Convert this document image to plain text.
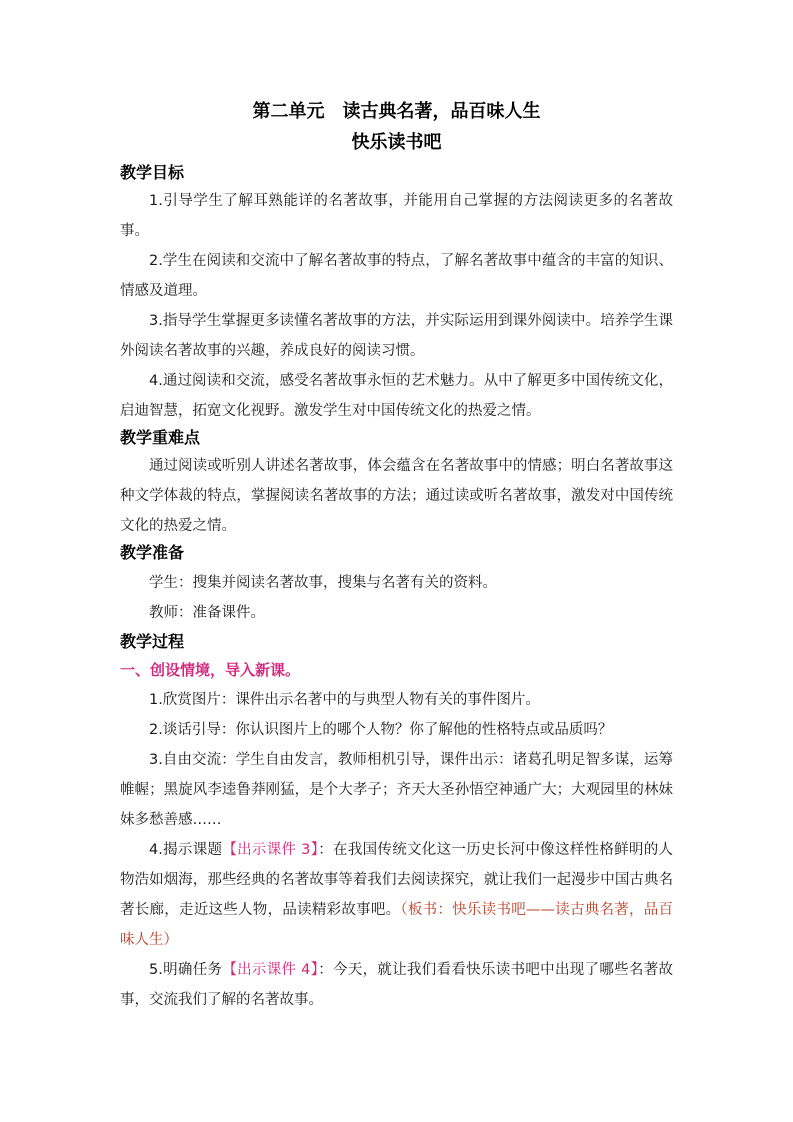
第二单元　读古典名著，品百味人生
快乐读书吧
教学目标

1.引导学生了解耳熟能详的名著故事，并能用自己掌握的方法阅读更多的名著故事。

2.学生在阅读和交流中了解名著故事的特点，了解名著故事中蕴含的丰富的知识、情感及道理。

3.指导学生掌握更多读懂名著故事的方法，并实际运用到课外阅读中。培养学生课外阅读名著故事的兴趣，养成良好的阅读习惯。

4.通过阅读和交流，感受名著故事永恒的艺术魅力。从中了解更多中国传统文化，启迪智慧，拓宽文化视野。激发学生对中国传统文化的热爱之情。

教学重难点

通过阅读或听别人讲述名著故事，体会蕴含在名著故事中的情感；明白名著故事这种文学体裁的特点，掌握阅读名著故事的方法；通过读或听名著故事，激发对中国传统文化的热爱之情。

教学准备

学生：搜集并阅读名著故事，搜集与名著有关的资料。

教师：准备课件。

教学过程
一、创设情境，导入新课。

1.欣赏图片：课件出示名著中的与典型人物有关的事件图片。

2.谈话引导：你认识图片上的哪个人物？你了解他的性格特点或品质吗？

3.自由交流：学生自由发言，教师相机引导，课件出示：诸葛孔明足智多谋，运筹帷幄；黑旋风李逵鲁莽刚猛，是个大孝子；齐天大圣孙悟空神通广大；大观园里的林妹妹多愁善感……

4.揭示课题【出示课件 3】：在我国传统文化这一历史长河中像这样性格鲜明的人物浩如烟海，那些经典的名著故事等着我们去阅读探究，就让我们一起漫步中国古典名著长廊，走近这些人物，品读精彩故事吧。（板书：快乐读书吧——读古典名著，品百味人生）

5.明确任务【出示课件 4】：今天，就让我们看看快乐读书吧中出现了哪些名著故事，交流我们了解的名著故事。
